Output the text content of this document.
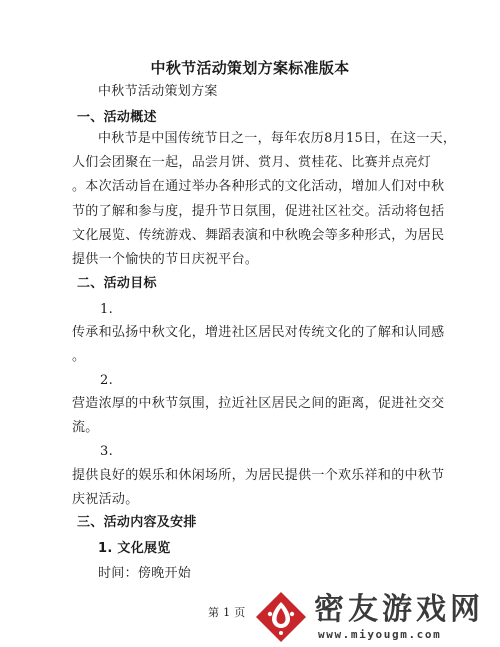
中秋节活动策划方案标准版本

中秋节活动策划方案

一、活动概述

中秋节是中国传统节日之一，每年农历8月15日，在这一天，

人们会团聚在一起，品尝月饼、赏月、赏桂花、比赛并点亮灯

。本次活动旨在通过举办各种形式的文化活动，增加人们对中秋

节的了解和参与度，提升节日氛围，促进社区社交。活动将包括

文化展览、传统游戏、舞蹈表演和中秋晚会等多种形式，为居民

提供一个愉快的节日庆祝平台。

二、活动目标

1.

传承和弘扬中秋文化，增进社区居民对传统文化的了解和认同感

。

2.

营造浓厚的中秋节氛围，拉近社区居民之间的距离，促进社交交

流。

3.

提供良好的娱乐和休闲场所，为居民提供一个欢乐祥和的中秋节

庆祝活动。

三、活动内容及安排

1. 文化展览

时间：傍晚开始

第 1 页 密友游戏网
www.miyougm.com
